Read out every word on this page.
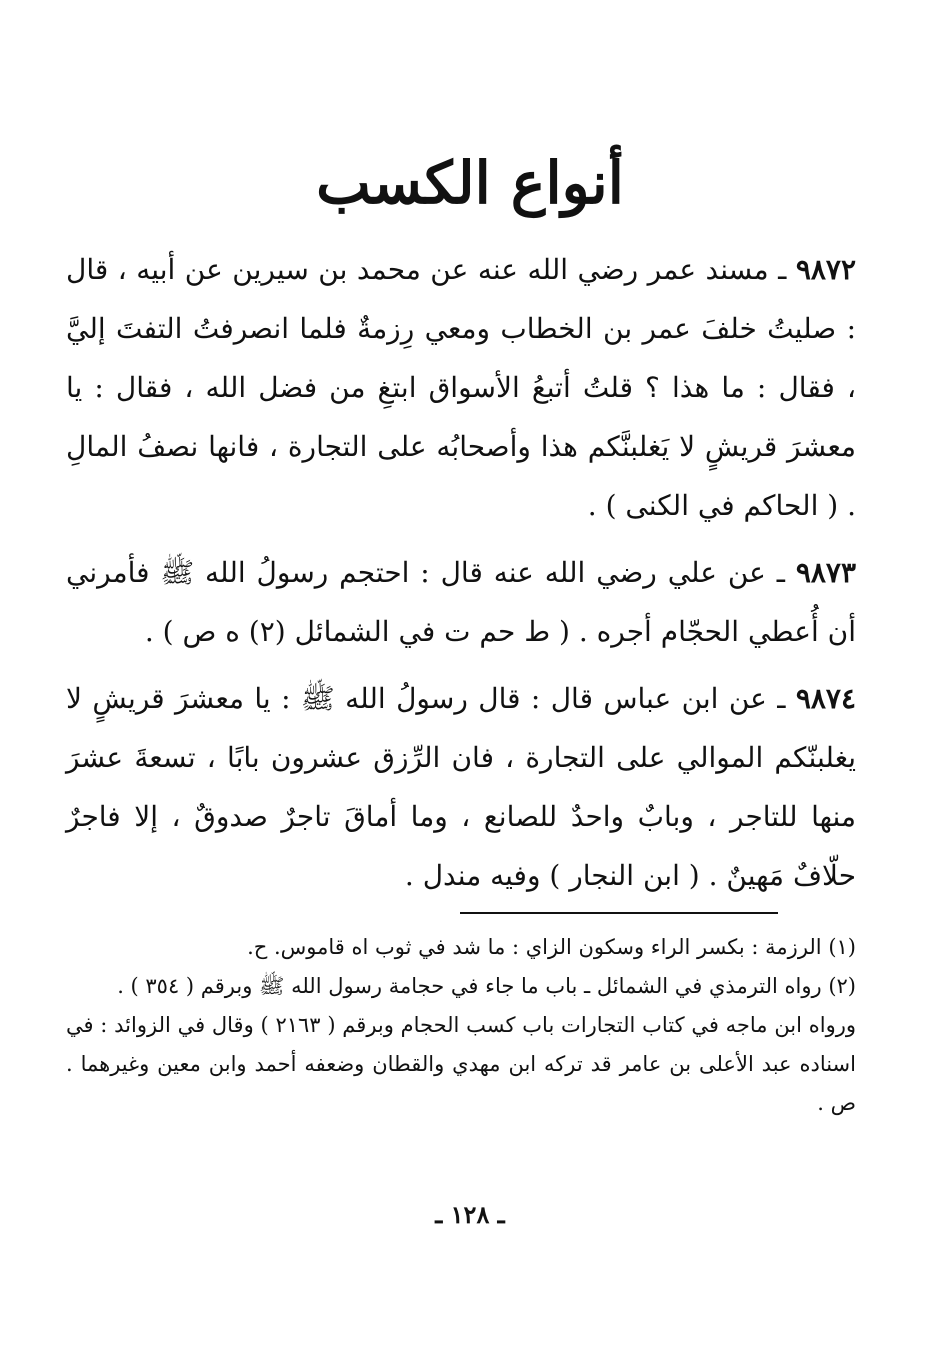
أنواع الكسب

٩٨٧٢ ـ مسند عمر رضي الله عنه عن محمد بن سيرين عن أبيه ، قال : صليتُ خلفَ عمر بن الخطاب ومعي رِزمةٌ فلما انصرفتُ التفتَ إليَّ ، فقال : ما هذا ؟ قلتُ أتبعُ الأسواق ابتغِ من فضل الله ، فقال : يا معشرَ قريشٍ لا يَغلبنَّكم هذا وأصحابُه على التجارة ، فانها نصفُ المالِ . ( الحاكم في الكنى ) .

٩٨٧٣ ـ عن علي رضي الله عنه قال : احتجم رسولُ الله ﷺ فأمرني أن أُعطي الحجّام أجره . ( ط حم ت في الشمائل (٢) ه ص ) .

٩٨٧٤ ـ عن ابن عباس قال : قال رسولُ الله ﷺ : يا معشرَ قريشٍ لا يغلبنّكم الموالي على التجارة ، فان الرِّزق عشرون بابًا ، تسعةَ عشرَ منها للتاجر ، وبابٌ واحدٌ للصانع ، وما أماقَ تاجرٌ صدوقٌ ، إلا فاجرٌ حلّافٌ مَهينٌ . ( ابن النجار ) وفيه مندل .

(١) الرزمة : بكسر الراء وسكون الزاي : ما شد في ثوب اه قاموس. ح.

(٢) رواه الترمذي في الشمائل ـ باب ما جاء في حجامة رسول الله ﷺ وبرقم ( ٣٥٤ ) .

ورواه ابن ماجه في كتاب التجارات باب كسب الحجام وبرقم ( ٢١٦٣ ) وقال في الزوائد : في اسناده عبد الأعلى بن عامر قد تركه ابن مهدي والقطان وضعفه أحمد وابن معين وغيرهما . ص .

ـ ١٢٨ ـ
